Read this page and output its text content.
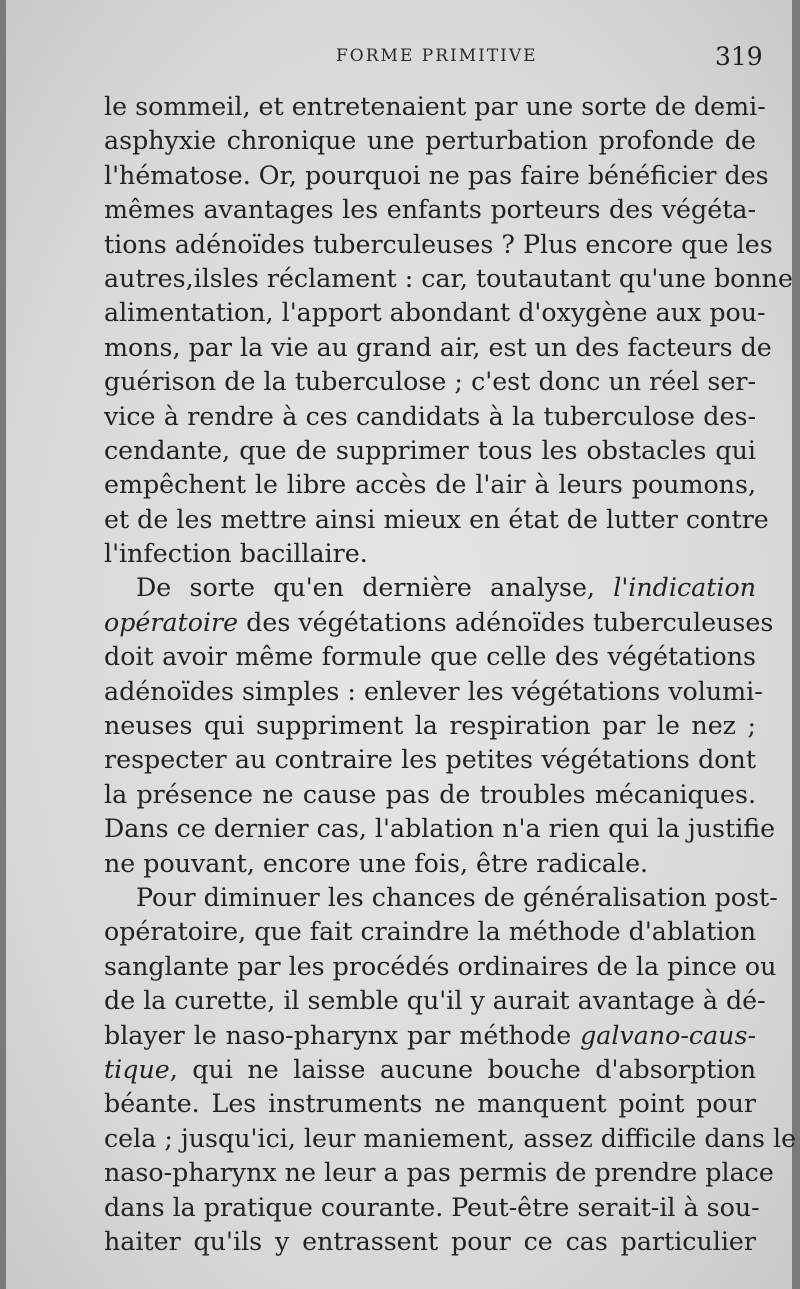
FORME PRIMITIVE	319
le sommeil, et entretenaient par une sorte de demi-
asphyxie chronique une perturbation profonde de
l'hématose. Or, pourquoi ne pas faire bénéficier des
mêmes avantages les enfants porteurs des végéta-
tions adénoïdes tuberculeuses ? Plus encore que les
autres,ilsles réclament : car, toutautant qu'une bonne
alimentation, l'apport abondant d'oxygène aux pou-
mons, par la vie au grand air, est un des facteurs de
guérison de la tuberculose ; c'est donc un réel ser-
vice à rendre à ces candidats à la tuberculose des-
cendante, que de supprimer tous les obstacles qui
empêchent le libre accès de l'air à leurs poumons,
et de les mettre ainsi mieux en état de lutter contre
l'infection bacillaire.
De sorte qu'en dernière analyse, l'indication
opératoire des végétations adénoïdes tuberculeuses
doit avoir même formule que celle des végétations
adénoïdes simples : enlever les végétations volumi-
neuses qui suppriment la respiration par le nez ;
respecter au contraire les petites végétations dont
la présence ne cause pas de troubles mécaniques.
Dans ce dernier cas, l'ablation n'a rien qui la justifie
ne pouvant, encore une fois, être radicale.
Pour diminuer les chances de généralisation post-
opératoire, que fait craindre la méthode d'ablation
sanglante par les procédés ordinaires de la pince ou
de la curette, il semble qu'il y aurait avantage à dé-
blayer le naso-pharynx par méthode galvano-caus-
tique, qui ne laisse aucune bouche d'absorption
béante. Les instruments ne manquent point pour
cela ; jusqu'ici, leur maniement, assez difficile dans le
naso-pharynx ne leur a pas permis de prendre place
dans la pratique courante. Peut-être serait-il à sou-
haiter qu'ils y entrassent pour ce cas particulier
